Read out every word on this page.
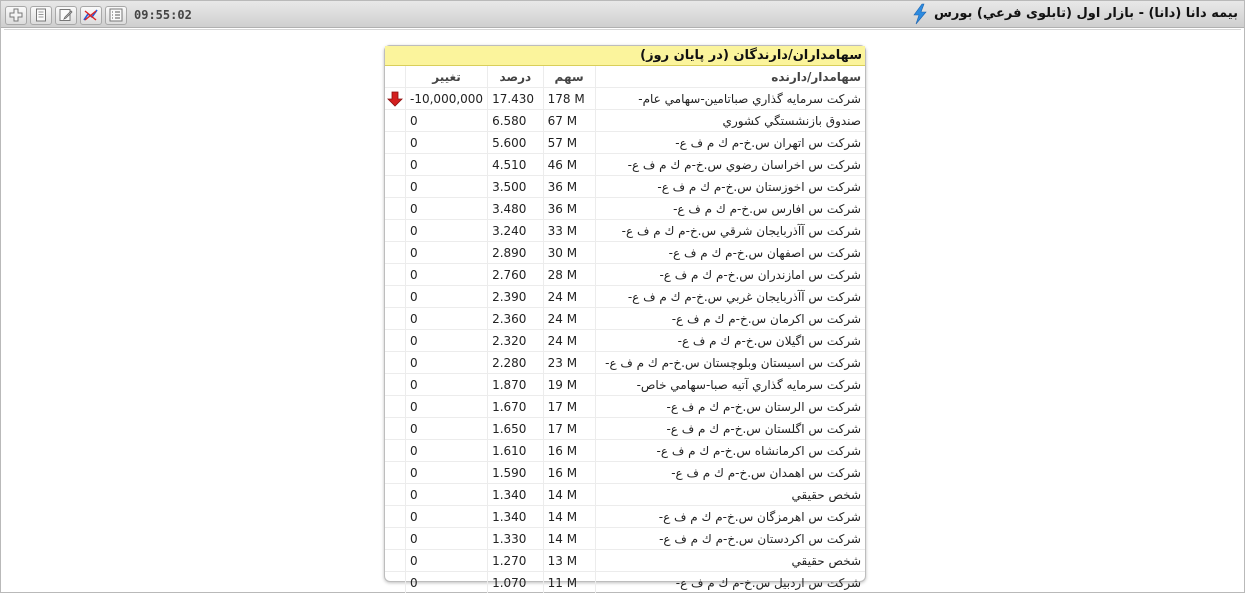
09:55:02	بیمه دانا (دانا) - بازار اول (تابلوی فرعي) بورس
سهامداران/دارندگان (در پایان روز)
سهامدار/دارنده	سهم	درصد	تغییر	
شرکت سرمايه گذاري صباتامين-سهامي عام-	178 M	17.430	-10,000,000	

صندوق بازنشستگي كشوري	67 M	6.580	0	
شرکت س اتهران س.خ-م ك م ف ع-	57 M	5.600	0	
شرکت س اخراسان رضوي س.خ-م ك م ف ع-	46 M	4.510	0	
شرکت س اخوزستان س.خ-م ك م ف ع-	36 M	3.500	0	
شرکت س افارس س.خ-م ك م ف ع-	36 M	3.480	0	
شرکت س آآذربايجان شرقي س.خ-م ك م ف ع-	33 M	3.240	0	
شرکت س اصفهان س.خ-م ك م ف ع-	30 M	2.890	0	
شرکت س امازندران س.خ-م ك م ف ع-	28 M	2.760	0	
شرکت س آآذربايجان غربي س.خ-م ك م ف ع-	24 M	2.390	0	
شرکت س اكرمان س.خ-م ك م ف ع-	24 M	2.360	0	
شرکت س اگيلان س.خ-م ك م ف ع-	24 M	2.320	0	
شرکت س اسيستان وبلوچستان س.خ-م ك م ف ع-	23 M	2.280	0	
شرکت سرمايه گذاري آتيه صبا-سهامي خاص-	19 M	1.870	0	
شرکت س الرستان س.خ-م ك م ف ع-	17 M	1.670	0	
شرکت س اگلستان س.خ-م ك م ف ع-	17 M	1.650	0	
شرکت س اكرمانشاه س.خ-م ك م ف ع-	16 M	1.610	0	
شرکت س اهمدان س.خ-م ك م ف ع-	16 M	1.590	0	
شخص حقيقي	14 M	1.340	0	
شرکت س اهرمزگان س.خ-م ك م ف ع-	14 M	1.340	0	
شرکت س اكردستان س.خ-م ك م ف ع-	14 M	1.330	0	
شخص حقيقي	13 M	1.270	0	
شرکت س اردبيل س.خ-م ك م ف ع-	11 M	1.070	0	
